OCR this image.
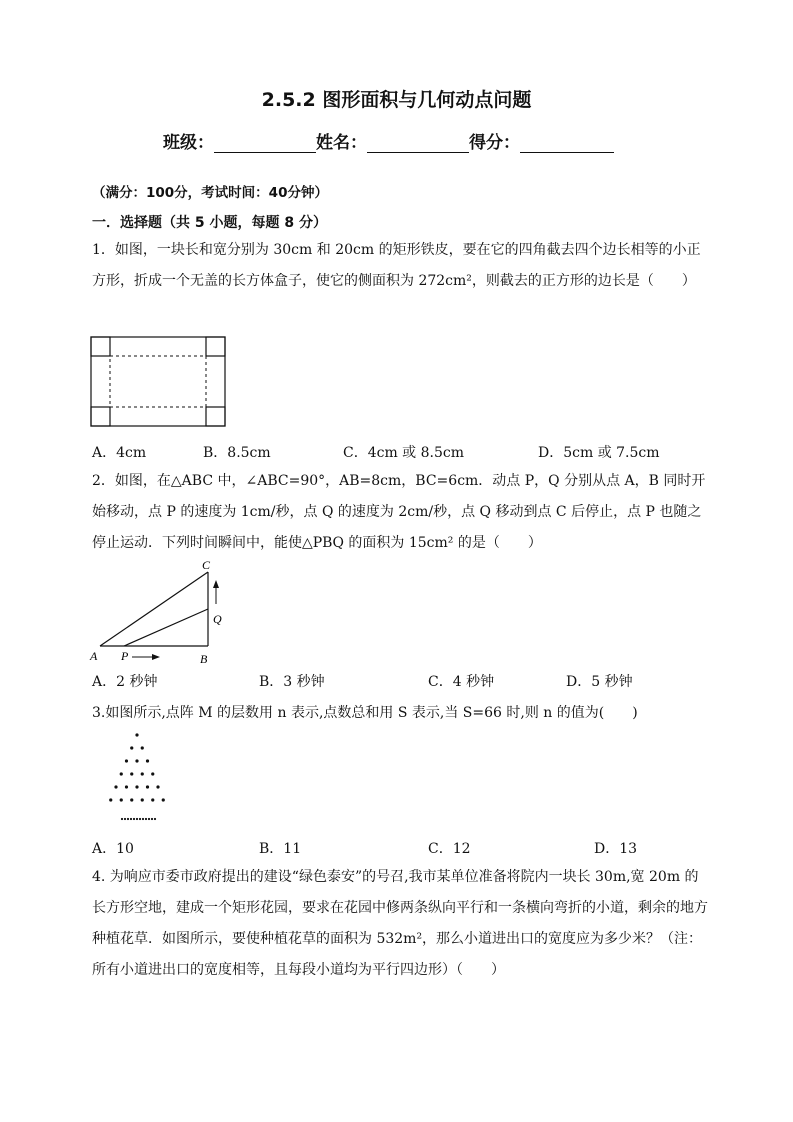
2.5.2 图形面积与几何动点问题
班级：	姓名：	得分：
（满分：100分，考试时间：40分钟）
一．选择题（共 5 小题，每题 8 分）
1．如图，一块长和宽分别为 30cm 和 20cm 的矩形铁皮，要在它的四角截去四个边长相等的小正方形，折成一个无盖的长方体盒子，使它的侧面积为 272cm²，则截去的正方形的边长是（　　）
A．4cm	B．8.5cm	C．4cm 或 8.5cm	D．5cm 或 7.5cm
2．如图，在△ABC 中，∠ABC=90°，AB=8cm，BC=6cm．动点 P，Q 分别从点 A，B 同时开始移动，点 P 的速度为 1cm/秒，点 Q 的速度为 2cm/秒，点 Q 移动到点 C 后停止，点 P 也随之停止运动．下列时间瞬间中，能使△PBQ 的面积为 15cm² 的是（　　）
A	B
C
P
Q
A．2 秒钟	B．3 秒钟	C．4 秒钟	D．5 秒钟
3.如图所示,点阵 M 的层数用 n 表示,点数总和用 S 表示,当 S=66 时,则 n 的值为(　　)
A．10	B．11	C．12	D．13
4. 为响应市委市政府提出的建设“绿色泰安”的号召,我市某单位准备将院内一块长 30m,宽 20m 的长方形空地，建成一个矩形花园，要求在花园中修两条纵向平行和一条横向弯折的小道，剩余的地方种植花草．如图所示，要使种植花草的面积为 532m²，那么小道进出口的宽度应为多少米？（注：所有小道进出口的宽度相等，且每段小道均为平行四边形）（　　）
